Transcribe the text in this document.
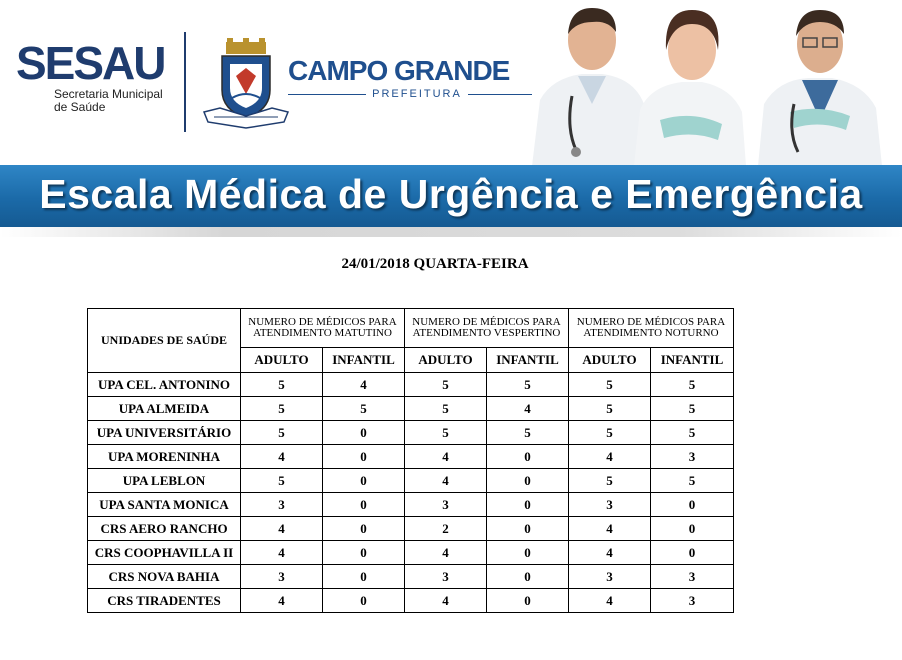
SESAU
Secretaria Municipal
de Saúde
CAMPO GRANDE
PREFEITURA
Escala Médica de Urgência e Emergência
24/01/2018 QUARTA-FEIRA
UNIDADES DE SAÚDE	NUMERO DE MÉDICOS PARA ATENDIMENTO MATUTINO		NUMERO DE MÉDICOS PARA ATENDIMENTO VESPERTINO		NUMERO DE MÉDICOS PARA ATENDIMENTO NOTURNO	
	ADULTO	INFANTIL	ADULTO	INFANTIL	ADULTO	INFANTIL
UPA CEL. ANTONINO	5	4	5	5	5	5
UPA ALMEIDA	5	5	5	4	5	5
UPA UNIVERSITÁRIO	5	0	5	5	5	5
UPA MORENINHA	4	0	4	0	4	3
UPA LEBLON	5	0	4	0	5	5
UPA SANTA MONICA	3	0	3	0	3	0
CRS AERO RANCHO	4	0	2	0	4	0
CRS COOPHAVILLA II	4	0	4	0	4	0
CRS NOVA BAHIA	3	0	3	0	3	3
CRS TIRADENTES	4	0	4	0	4	3
